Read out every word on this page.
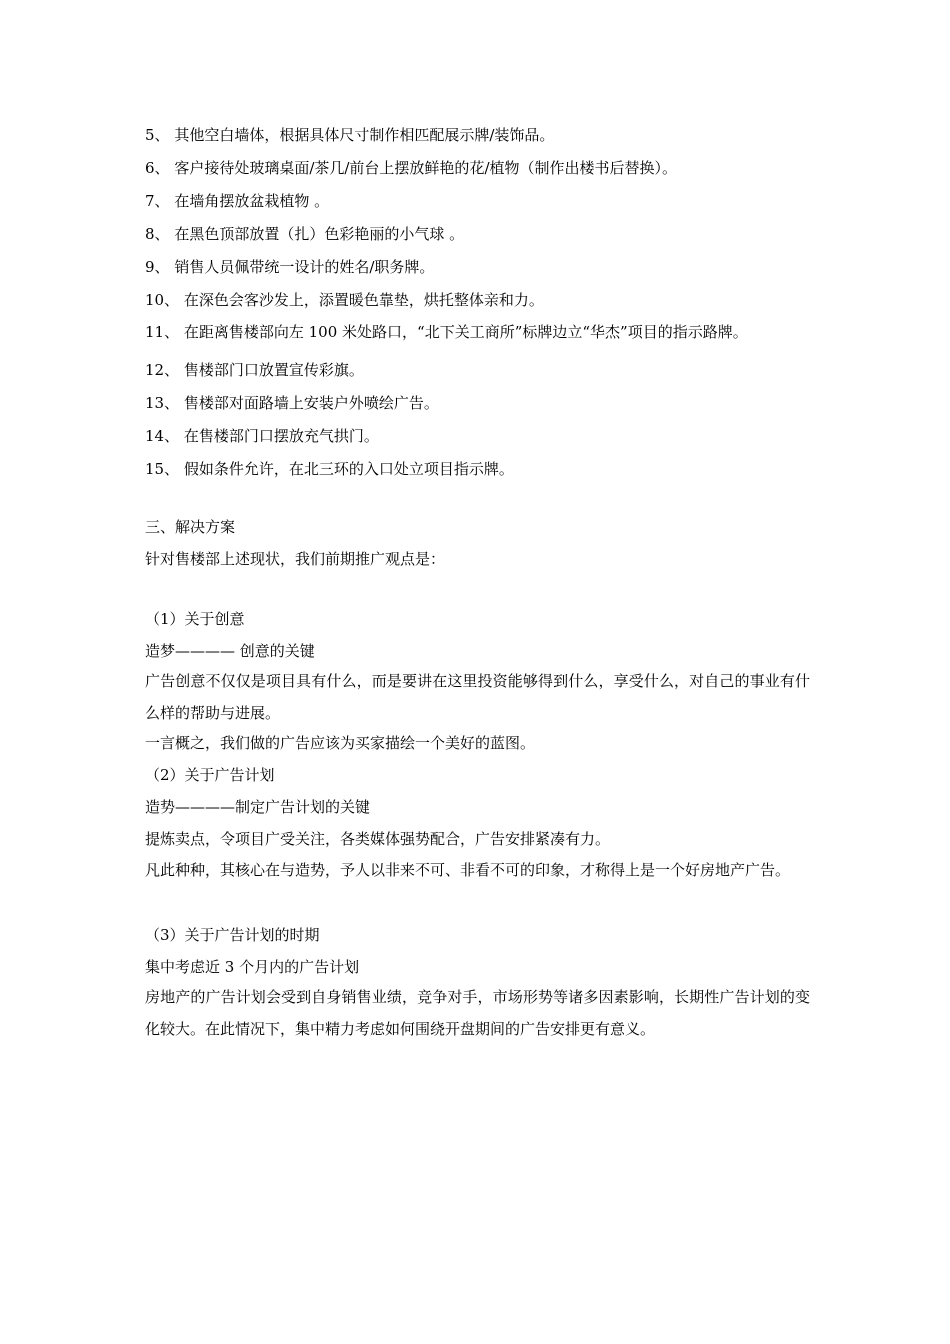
5、 其他空白墙体，根据具体尺寸制作相匹配展示牌/装饰品。
6、 客户接待处玻璃桌面/茶几/前台上摆放鲜艳的花/植物（制作出楼书后替换）。
7、 在墙角摆放盆栽植物 。
8、 在黑色顶部放置（扎）色彩艳丽的小气球 。
9、 销售人员佩带统一设计的姓名/职务牌。
10、 在深色会客沙发上，添置暖色靠垫，烘托整体亲和力。
11、 在距离售楼部向左 100 米处路口，“北下关工商所”标牌边立“华杰”项目的指示路牌。
12、 售楼部门口放置宣传彩旗。
13、 售楼部对面路墙上安装户外喷绘广告。
14、 在售楼部门口摆放充气拱门。
15、 假如条件允许，在北三环的入口处立项目指示牌。
三、解决方案
针对售楼部上述现状，我们前期推广观点是：
（1）关于创意
造梦———— 创意的关键
广告创意不仅仅是项目具有什么，而是要讲在这里投资能够得到什么，享受什么，对自己的事业有什么样的帮助与进展。
一言概之，我们做的广告应该为买家描绘一个美好的蓝图。
（2）关于广告计划
造势————制定广告计划的关键
提炼卖点，令项目广受关注，各类媒体强势配合，广告安排紧凑有力。
凡此种种，其核心在与造势，予人以非来不可、非看不可的印象，才称得上是一个好房地产广告。
（3）关于广告计划的时期
集中考虑近 3 个月内的广告计划
房地产的广告计划会受到自身销售业绩，竞争对手，市场形势等诸多因素影响，长期性广告计划的变化较大。在此情况下，集中精力考虑如何围绕开盘期间的广告安排更有意义。
